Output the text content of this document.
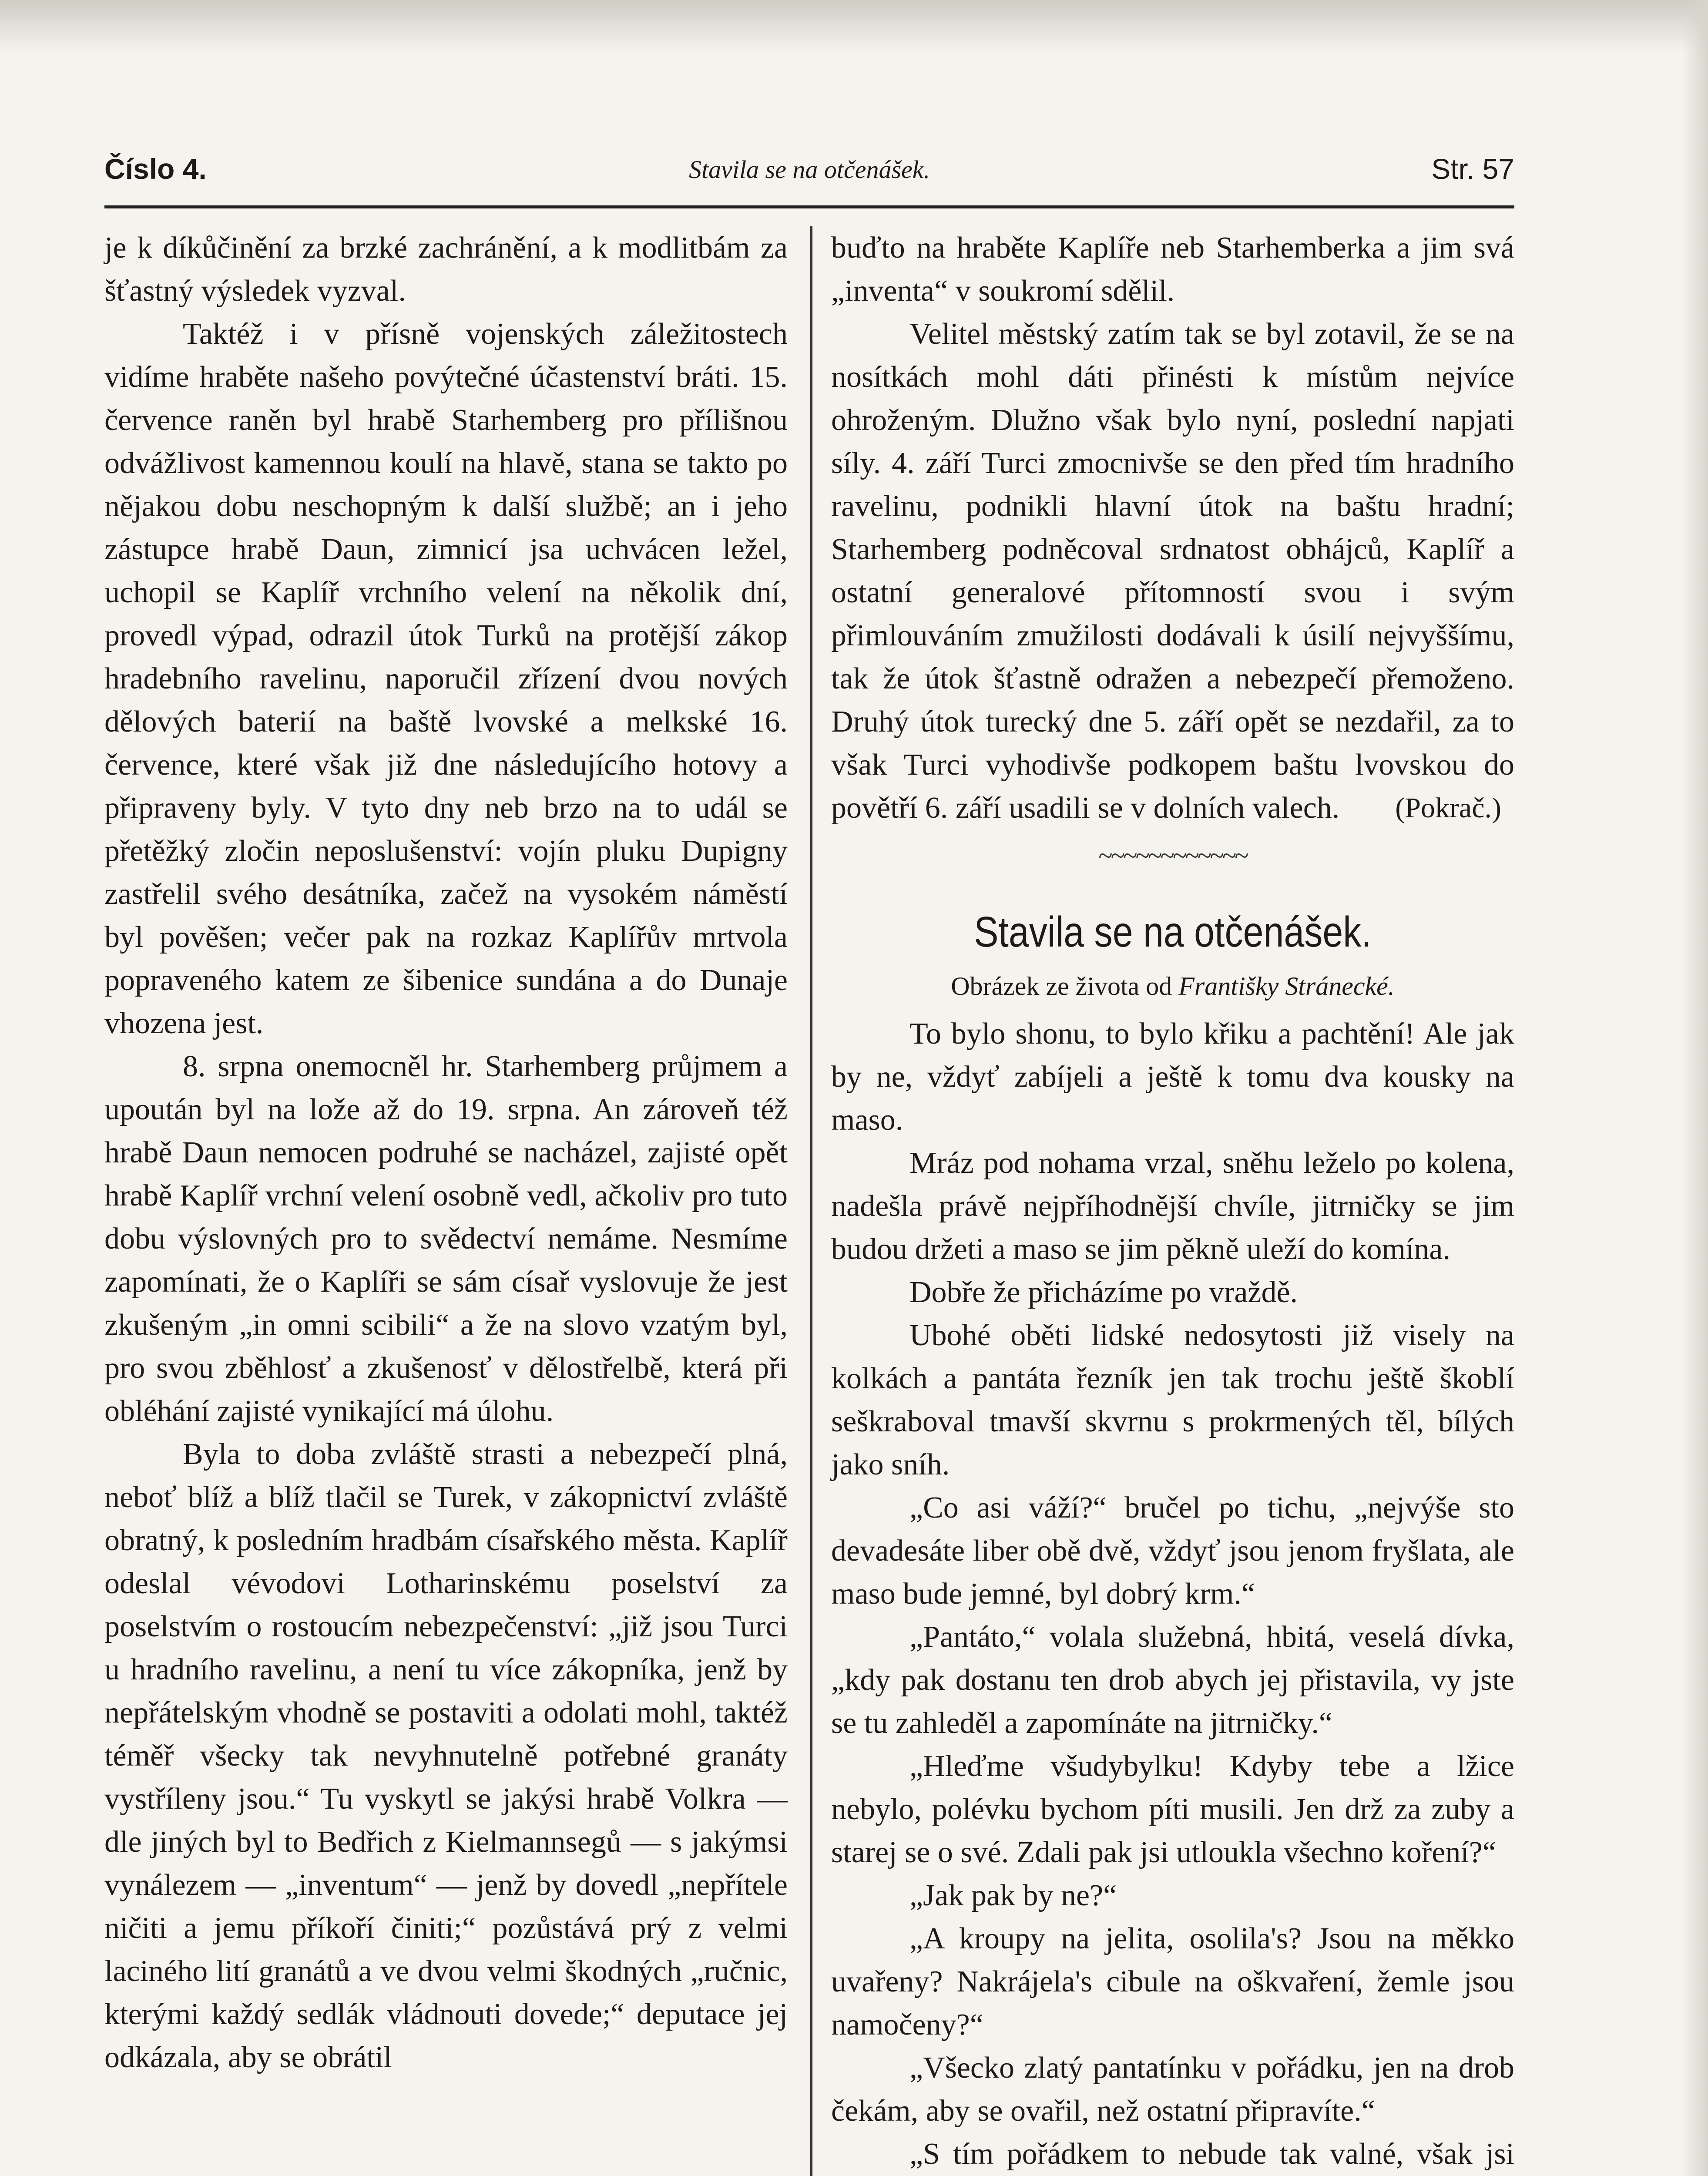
Číslo 4.	Stavila se na otčenášek.	Str. 57

je k díkůčinění za brzké zachránění, a k modlitbám za šťastný výsledek vyzval.

Taktéž i v přísně vojenských záležitostech vidíme hraběte našeho povýtečné účastenství bráti. 15. července raněn byl hrabě Starhemberg pro přílišnou odvážlivost kamennou koulí na hlavě, stana se takto po nějakou dobu neschopným k další službě; an i jeho zástupce hrabě Daun, zimnicí jsa uchvácen ležel, uchopil se Kaplíř vrchního velení na několik dní, provedl výpad, odrazil útok Turků na protější zákop hradebního ravelinu, naporučil zřízení dvou nových dělových baterií na baště lvovské a melkské 16. července, které však již dne následujícího hotovy a připraveny byly. V tyto dny neb brzo na to udál se přetěžký zločin neposlušenství: vojín pluku Dupigny zastřelil svého desátníka, začež na vysokém náměstí byl pověšen; večer pak na rozkaz Kaplířův mrtvola popraveného katem ze šibenice sundána a do Dunaje vhozena jest.

8. srpna onemocněl hr. Starhemberg průjmem a upoután byl na lože až do 19. srpna. An zároveň též hrabě Daun nemocen podruhé se nacházel, zajisté opět hrabě Kaplíř vrchní velení osobně vedl, ačkoliv pro tuto dobu výslovných pro to svědectví nemáme. Nesmíme zapomínati, že o Kaplíři se sám císař vyslovuje že jest zkušeným „in omni scibili“ a že na slovo vzatým byl, pro svou zběhlosť a zkušenosť v dělostřelbě, která při obléhání zajisté vynikající má úlohu.

Byla to doba zvláště strasti a nebezpečí plná, neboť blíž a blíž tlačil se Turek, v zákopnictví zvláště obratný, k posledním hradbám císařského města. Kaplíř odeslal vévodovi Lotharinskému poselství za poselstvím o rostoucím nebezpečenství: „již jsou Turci u hradního ravelinu, a není tu více zákopníka, jenž by nepřátelským vhodně se postaviti a odolati mohl, taktéž téměř všecky tak nevyhnutelně potřebné granáty vystříleny jsou.“ Tu vyskytl se jakýsi hrabě Volkra — dle jiných byl to Bedřich z Kielmannsegů — s jakýmsi vynálezem — „inventum“ — jenž by dovedl „nepřítele ničiti a jemu příkoří činiti;“ pozůstává prý z velmi laciného lití granátů a ve dvou velmi škodných „ručnic, kterými každý sedlák vládnouti dovede;“ deputace jej odkázala, aby se obrátil

buďto na hraběte Kaplíře neb Starhemberka a jim svá „inventa“ v soukromí sdělil.

Velitel městský zatím tak se byl zotavil, že se na nosítkách mohl dáti přinésti k místům nejvíce ohroženým. Dlužno však bylo nyní, poslední napjati síly. 4. září Turci zmocnivše se den před tím hradního ravelinu, podnikli hlavní útok na baštu hradní; Starhemberg podněcoval srdnatost obhájců, Kaplíř a ostatní generalové přítomností svou i svým přimlouváním zmužilosti dodávali k úsilí nejvyššímu, tak že útok šťastně odražen a nebezpečí přemoženo. Druhý útok turecký dne 5. září opět se nezdařil, za to však Turci vyhodivše podkopem baštu lvovskou do povětří 6. září usadili se v dolních valech.	(Pokrač.)
~~~~~~~~~~~~
Stavila se na otčenášek.
Obrázek ze života od Františky Stránecké.

To bylo shonu, to bylo křiku a pachtění! Ale jak by ne, vždyť zabíjeli a ještě k tomu dva kousky na maso.

Mráz pod nohama vrzal, sněhu leželo po kolena, nadešla právě nejpříhodnější chvíle, jitrničky se jim budou držeti a maso se jim pěkně uleží do komína.

Dobře že přicházíme po vraždě.

Ubohé oběti lidské nedosytosti již visely na kolkách a pantáta řezník jen tak trochu ještě škoblí seškraboval tmavší skvrnu s prokrmených těl, bílých jako sníh.

„Co asi váží?“ bručel po tichu, „nejvýše sto devadesáte liber obě dvě, vždyť jsou jenom fryšlata, ale maso bude jemné, byl dobrý krm.“

„Pantáto,“ volala služebná, hbitá, veselá dívka, „kdy pak dostanu ten drob abych jej přistavila, vy jste se tu zahleděl a zapomínáte na jitrničky.“

„Hleďme všudybylku! Kdyby tebe a lžice nebylo, polévku bychom píti musili. Jen drž za zuby a starej se o své. Zdali pak jsi utloukla všechno koření?“

„Jak pak by ne?“

„A kroupy na jelita, osolila's? Jsou na měkko uvařeny? Nakrájela's cibule na oškvaření, žemle jsou namočeny?“

„Všecko zlatý pantatínku v pořádku, jen na drob čekám, aby se ovařil, než ostatní připravíte.“

„S tím pořádkem to nebude tak valné, však jsi
